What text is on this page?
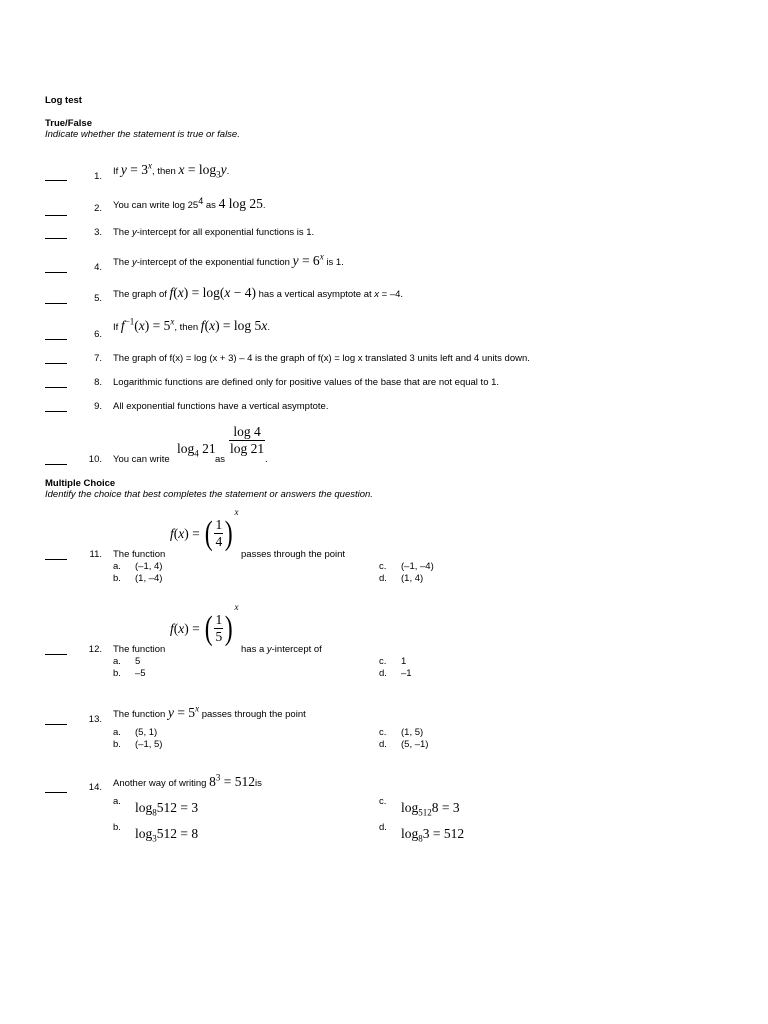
Log test
True/False
Indicate whether the statement is true or false.
1. If $y = 3^x$, then $x = \log_3y$.
2. You can write $\log 25^4$ as 4 log 25.
3. The y-intercept for all exponential functions is 1.
4. The y-intercept of the exponential function $y = 6^x$ is 1.
5. The graph of f(x) = log(x − 4) has a vertical asymptote at x = –4.
6.
If $f^{-1}(x) = 5^x$, then f(x) = log 5x.
7. The graph of f(x) = log (x + 3) – 4 is the graph of f(x) = log x translated 3 units left and 4 units down.
8. Logarithmic functions are defined only for positive values of the base that are not equal to 1.
9. All exponential functions have a vertical asymptote.
10. You can write
$\log_4 21$
as
$\frac{\log 4}{\log 21}$
.
Multiple Choice
Identify the choice that best completes the statement or answers the question.
11. The function
f(x) = ( $\frac{1}{4} )^x$
passes through the point
a. (–1, 4)
b. (1, –4)
c. (–1, –4)
d. (1, 4)
12. The function
f(x) = ( $\frac{1}{5} )^x$
has a y-intercept of
a. 5
b. –5
c. 1
d. –1
13. The function $y = 5^x$ passes through the point
a. (5, 1)
b. (–1, 5)
c. (1, 5)
d. (5, –1)
14. Another way of writing $8^3 = 512is$
a. $\log_8512 = 3$
b. $\log_3512 = 8$
c. $\log_{512}8 = 3$
d. $\log_83 = 512$
